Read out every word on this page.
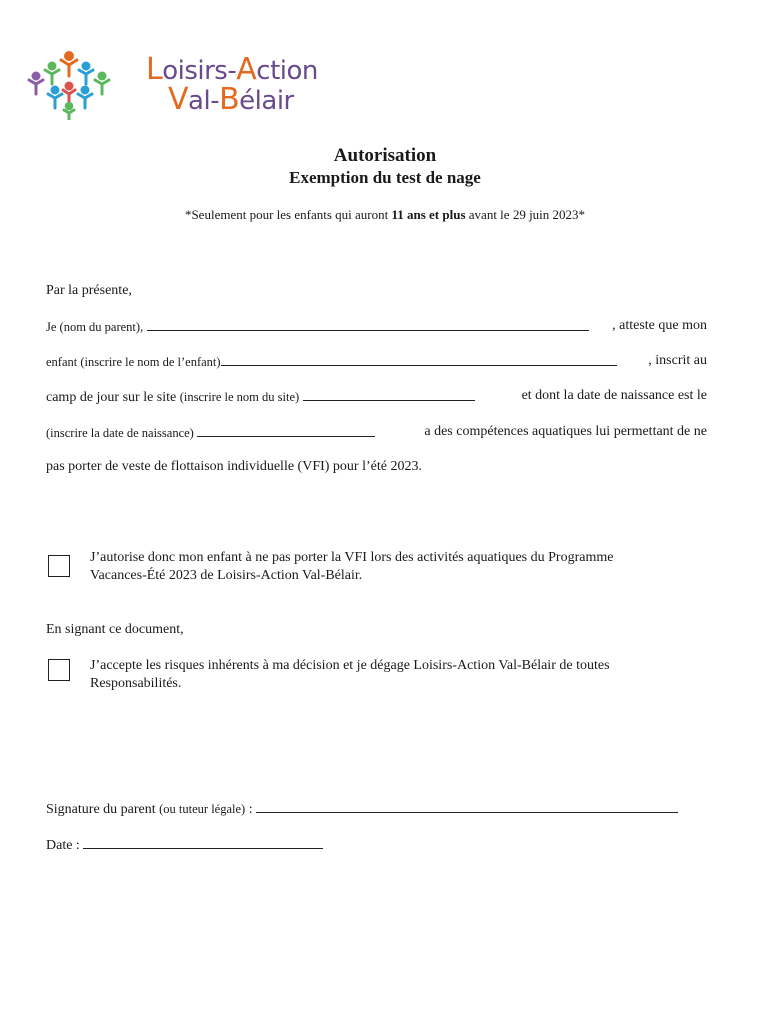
Loisirs-Action
Val-Bélair
Autorisation
Exemption du test de nage
*Seulement pour les enfants qui auront 11 ans et plus avant le 29 juin 2023*
Par la présente,
Je (nom du parent),	, atteste que mon
enfant (inscrire le nom de l’enfant)	, inscrit au
camp de jour sur le site (inscrire le nom du site)	et dont la date de naissance est le
(inscrire la date de naissance)	a des compétences aquatiques lui permettant de ne
pas porter de veste de flottaison individuelle (VFI) pour l’été 2023.
J’autorise donc mon enfant à ne pas porter la VFI lors des activités aquatiques du Programme
Vacances-Été 2023 de Loisirs-Action Val-Bélair.
En signant ce document,
J’accepte les risques inhérents à ma décision et je dégage Loisirs-Action Val-Bélair de toutes
Responsabilités.
Signature du parent (ou tuteur légale) :
Date :
